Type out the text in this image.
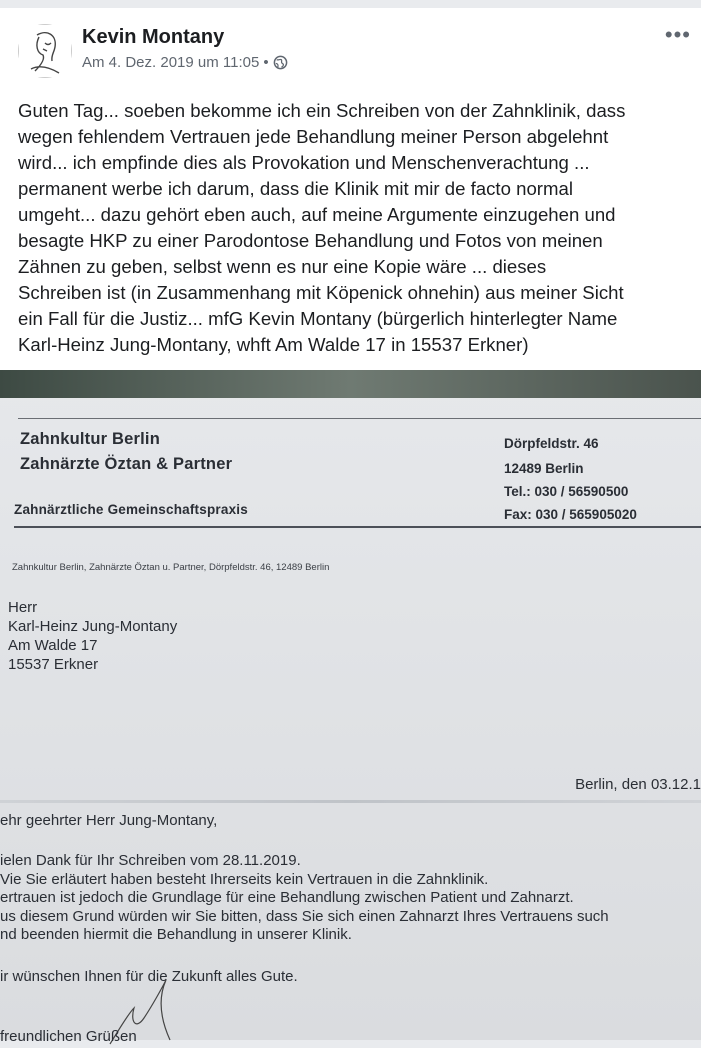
Kevin Montany
Am 4. Dez. 2019 um 11:05 •
•••
Guten Tag... soeben bekomme ich ein Schreiben von der Zahnklinik, dass
wegen fehlendem Vertrauen jede Behandlung meiner Person abgelehnt
wird... ich empfinde dies als Provokation und Menschenverachtung ...
permanent werbe ich darum, dass die Klinik mit mir de facto normal
umgeht... dazu gehört eben auch, auf meine Argumente einzugehen und
besagte HKP zu einer Parodontose Behandlung und Fotos von meinen
Zähnen zu geben, selbst wenn es nur eine Kopie wäre ... dieses
Schreiben ist (in Zusammenhang mit Köpenick ohnehin) aus meiner Sicht
ein Fall für die Justiz... mfG Kevin Montany (bürgerlich hinterlegter Name
Karl-Heinz Jung-Montany, whft Am Walde 17 in 15537 Erkner)
Zahnkultur Berlin
Zahnärzte Öztan & Partner
Zahnärztliche Gemeinschaftspraxis
Dörpfeldstr. 46
12489 Berlin
Tel.: 030 / 56590500
Fax: 030 / 565905020
Zahnkultur Berlin, Zahnärzte Öztan u. Partner, Dörpfeldstr. 46, 12489 Berlin
Herr
Karl-Heinz Jung-Montany
Am Walde 17
15537 Erkner
Berlin, den 03.12.1
ehr geehrter Herr Jung-Montany,
ielen Dank für Ihr Schreiben vom 28.11.2019.
Vie Sie erläutert haben besteht Ihrerseits kein Vertrauen in die Zahnklinik.
ertrauen ist jedoch die Grundlage für eine Behandlung zwischen Patient und Zahnarzt.
us diesem Grund würden wir Sie bitten, dass Sie sich einen Zahnarzt Ihres Vertrauens such
nd beenden hiermit die Behandlung in unserer Klinik.
ir wünschen Ihnen für die Zukunft alles Gute.
freundlichen Grüßen
